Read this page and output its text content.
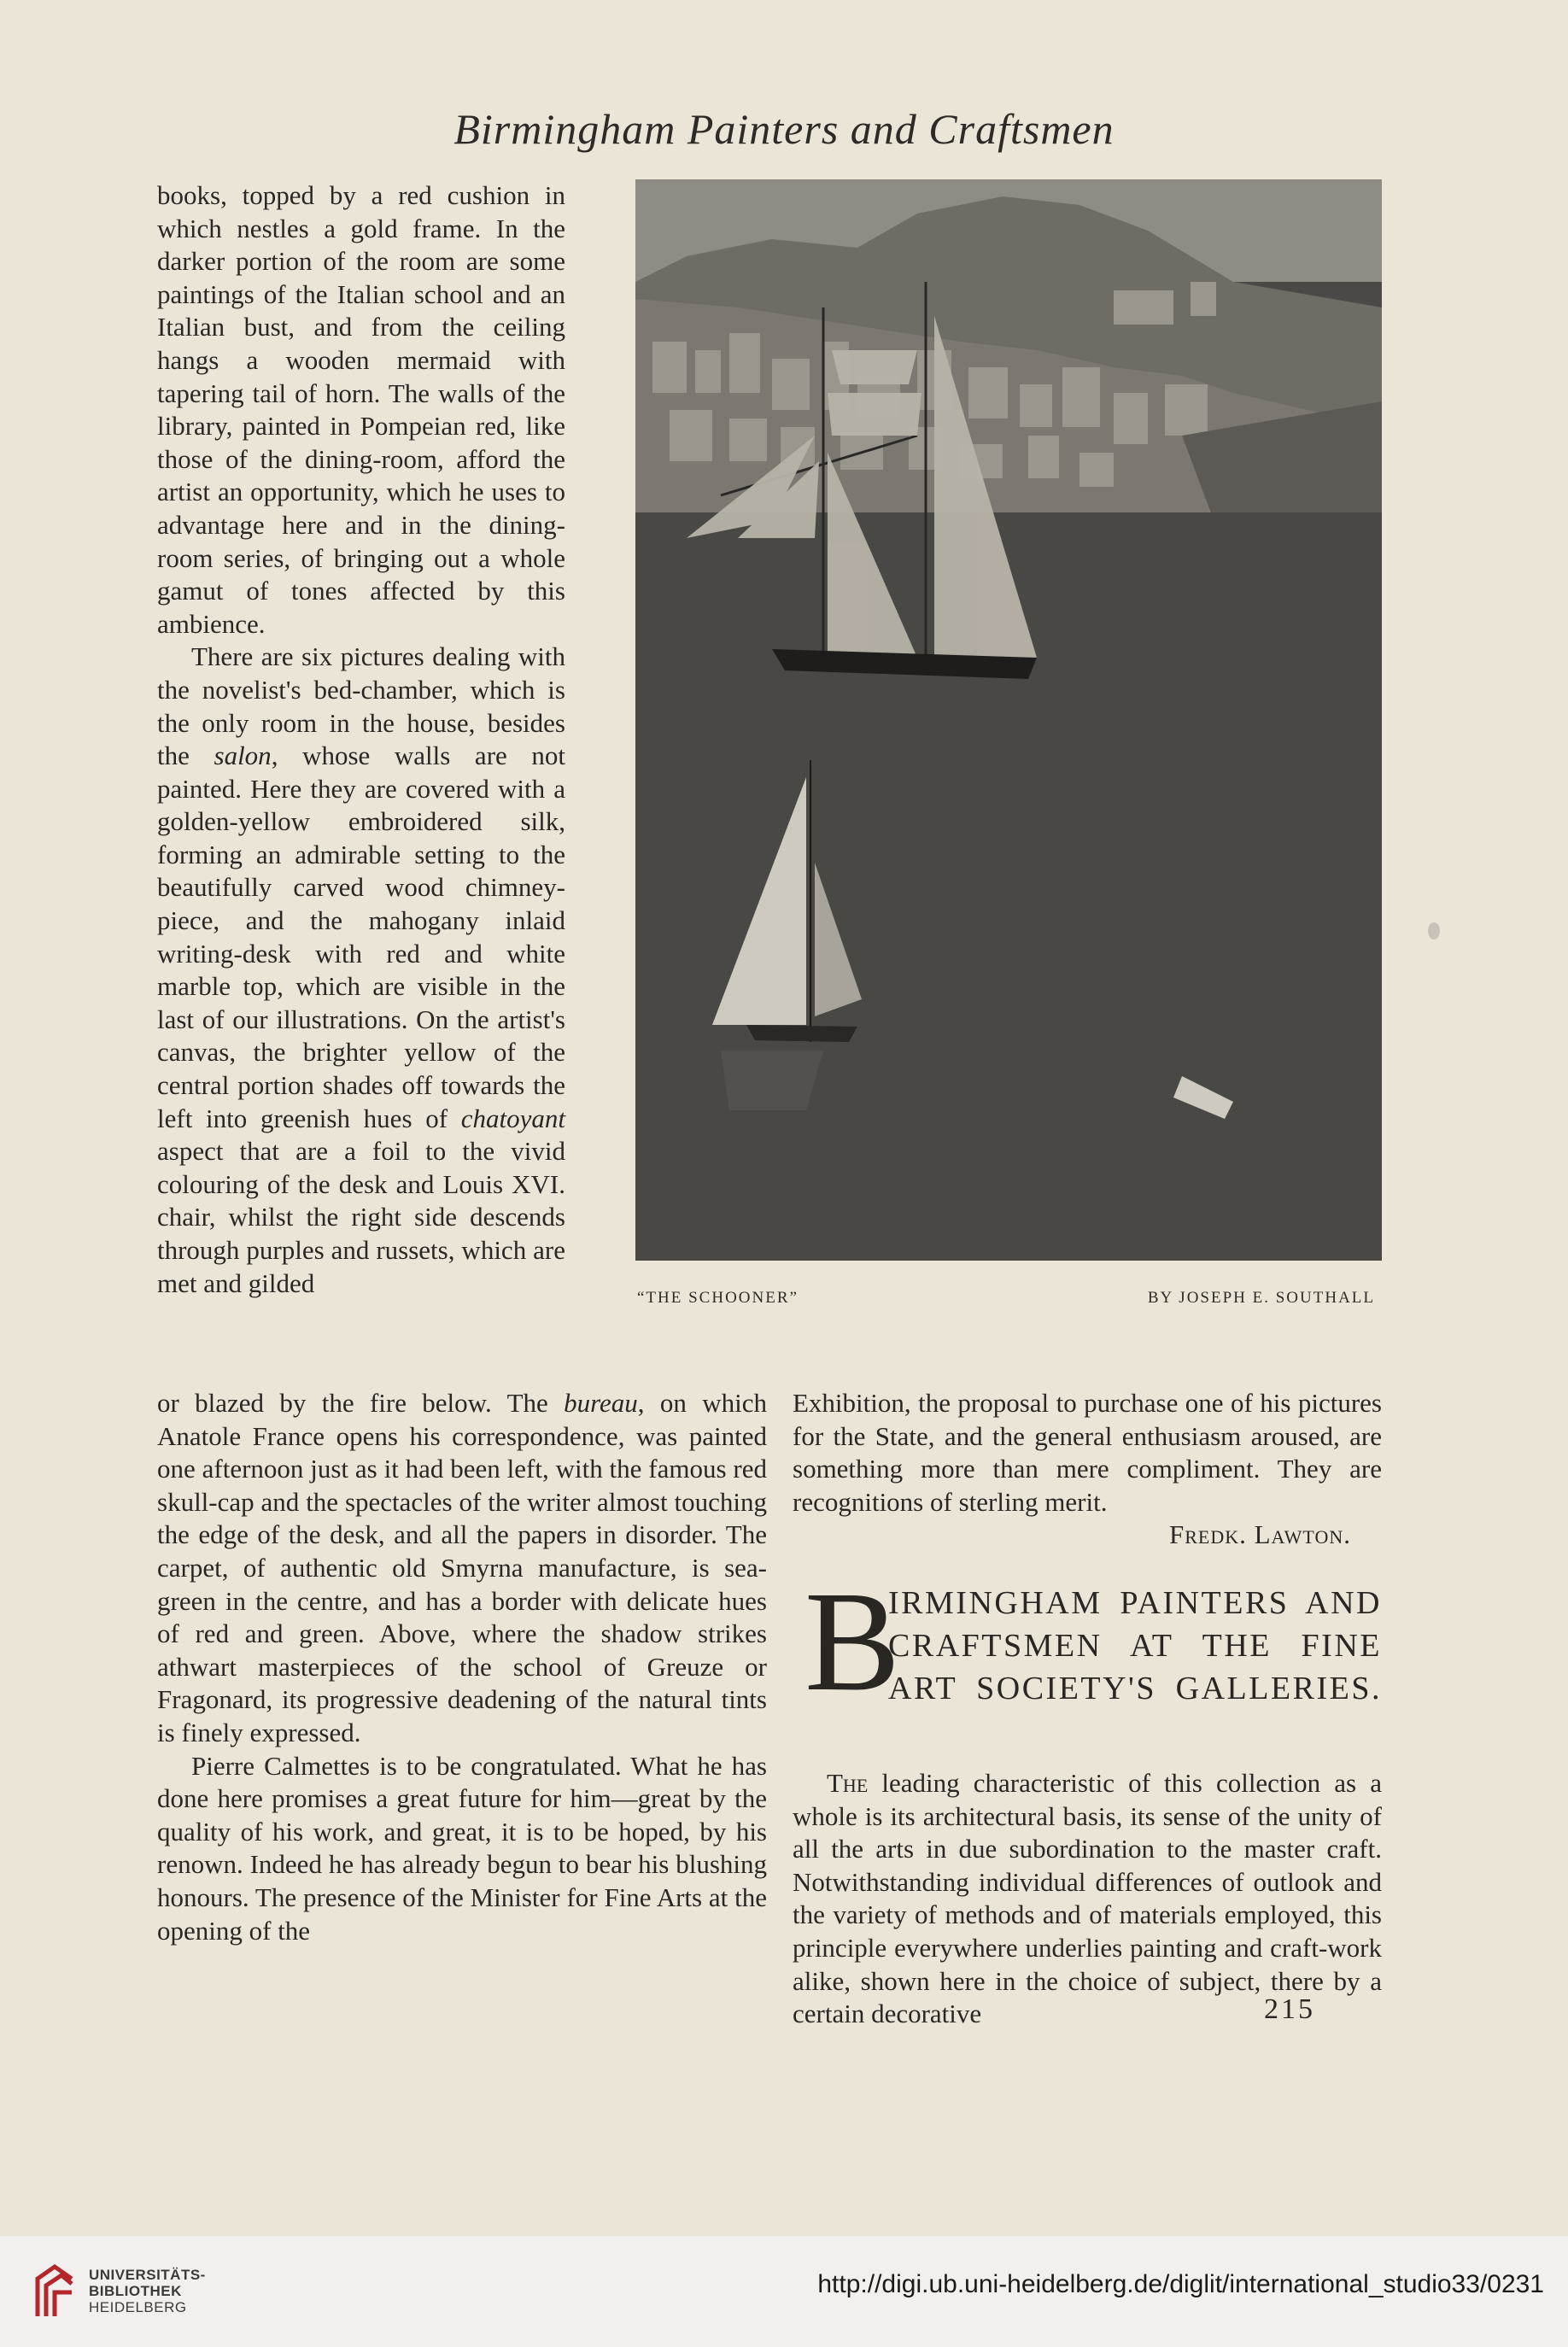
Birmingham Painters and Craftsmen

books, topped by a red cushion in which nestles a gold frame. In the darker portion of the room are some paintings of the Italian school and an Italian bust, and from the ceiling hangs a wooden mermaid with tapering tail of horn. The walls of the library, painted in Pompeian red, like those of the dining-room, afford the artist an opportunity, which he uses to advantage here and in the dining-room series, of bringing out a whole gamut of tones affected by this ambience.

There are six pictures dealing with the novelist's bed-chamber, which is the only room in the house, besides the salon, whose walls are not painted. Here they are covered with a golden-yellow embroidered silk, forming an admirable setting to the beautifully carved wood chimney-piece, and the mahogany inlaid writing-desk with red and white marble top, which are visible in the last of our illustrations. On the artist's canvas, the brighter yellow of the central portion shades off towards the left into greenish hues of chatoyant aspect that are a foil to the vivid colouring of the desk and Louis XVI. chair, whilst the right side descends through purples and russets, which are met and gilded	“THE SCHOONER”	BY JOSEPH E. SOUTHALL

or blazed by the fire below. The bureau, on which Anatole France opens his correspondence, was painted one afternoon just as it had been left, with the famous red skull-cap and the spectacles of the writer almost touching the edge of the desk, and all the papers in disorder. The carpet, of authentic old Smyrna manufacture, is sea-green in the centre, and has a border with delicate hues of red and green. Above, where the shadow strikes athwart masterpieces of the school of Greuze or Fragonard, its progressive deadening of the natural tints is finely expressed.

Pierre Calmettes is to be congratulated. What he has done here promises a great future for him—great by the quality of his work, and great, it is to be hoped, by his renown. Indeed he has already begun to bear his blushing honours. The presence of the Minister for Fine Arts at the opening of the

Exhibition, the proposal to purchase one of his pictures for the State, and the general enthusiasm aroused, are something more than mere compliment. They are recognitions of sterling merit.

Fredk. Lawton.

The leading characteristic of this collection as a whole is its architectural basis, its sense of the unity of all the arts in due subordination to the master craft. Notwithstanding individual differences of outlook and the variety of methods and of materials employed, this principle everywhere underlies painting and craft-work alike, shown here in the choice of subject, there by a certain decorative

B
IRMINGHAM PAINTERS AND
CRAFTSMEN AT THE FINE
ART SOCIETY'S GALLERIES.
215
UNIVERSITÄTS-
BIBLIOTHEK
HEIDELBERG
http://digi.ub.uni-heidelberg.de/diglit/international_studio33/0231
